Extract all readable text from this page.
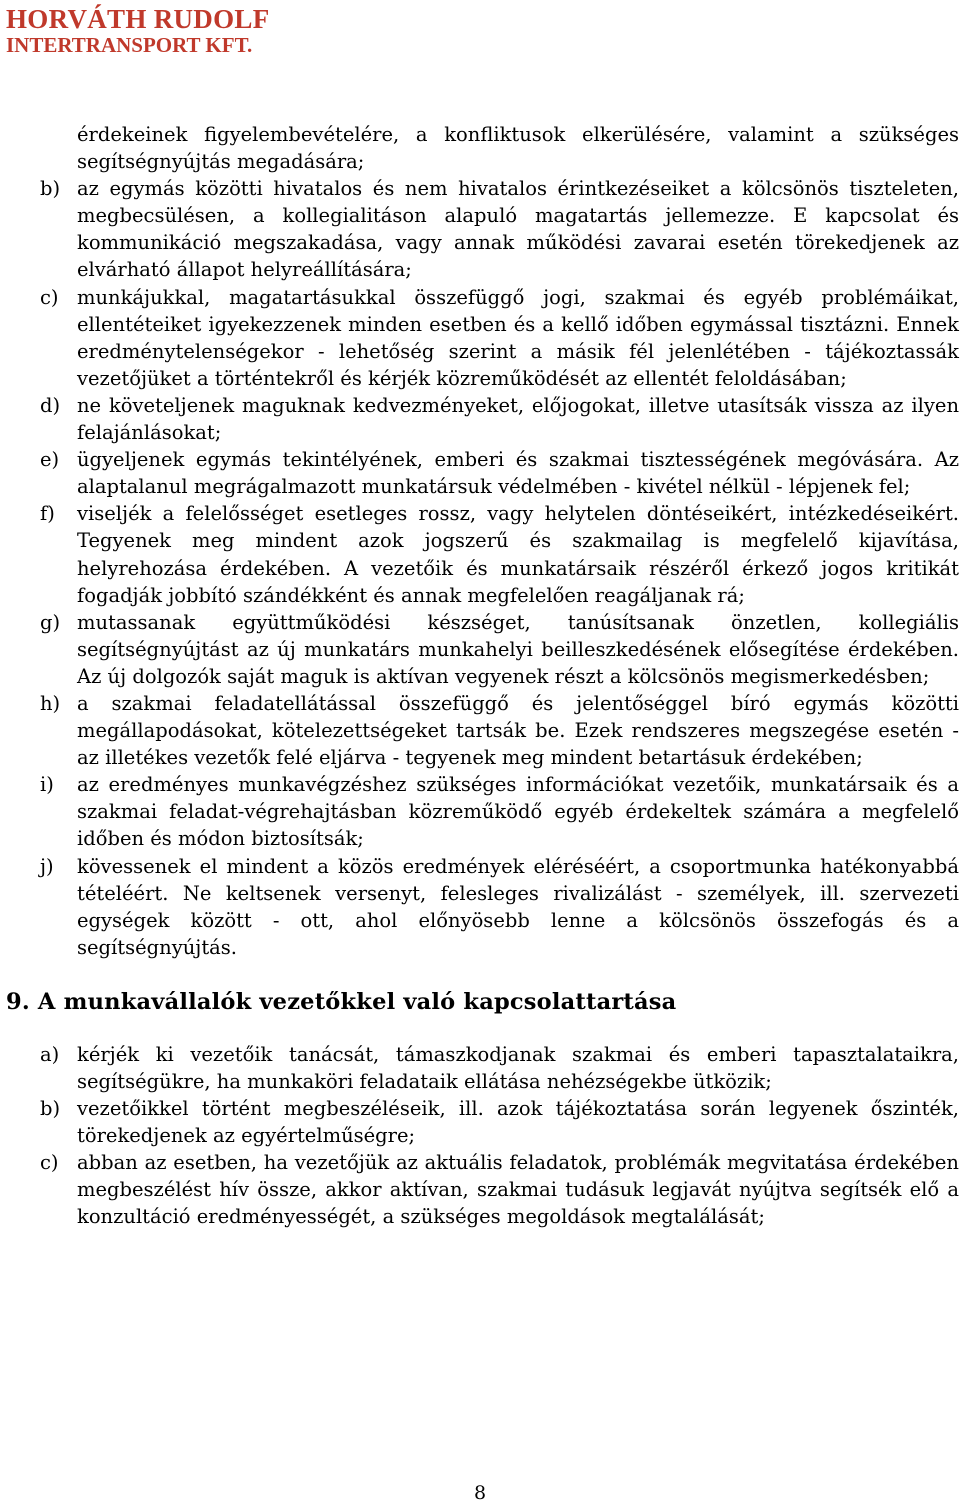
HORVÁTH RUDOLF
INTERTRANSPORT KFT.
érdekeinek figyelembevételére, a konfliktusok elkerülésére, valamint a szükséges segítségnyújtás megadására;
b) az egymás közötti hivatalos és nem hivatalos érintkezéseiket a kölcsönös tiszteleten, megbecsülésen, a kollegialitáson alapuló magatartás jellemezze. E kapcsolat és kommunikáció megszakadása, vagy annak működési zavarai esetén törekedjenek az elvárható állapot helyreállítására;
c) munkájukkal, magatartásukkal összefüggő jogi, szakmai és egyéb problémáikat, ellentéteiket igyekezzenek minden esetben és a kellő időben egymással tisztázni. Ennek eredménytelenségekor - lehetőség szerint a másik fél jelenlétében - tájékoztassák vezetőjüket a történtekről és kérjék közreműködését az ellentét feloldásában;
d) ne követeljenek maguknak kedvezményeket, előjogokat, illetve utasítsák vissza az ilyen felajánlásokat;
e) ügyeljenek egymás tekintélyének, emberi és szakmai tisztességének megóvására. Az alaptalanul megrágalmazott munkatársuk védelmében - kivétel nélkül - lépjenek fel;
f)	viseljék a felelősséget esetleges rossz, vagy helytelen döntéseikért, intézkedéseikért. Tegyenek meg mindent azok jogszerű és szakmailag is megfelelő kijavítása, helyrehozása érdekében. A vezetőik és munkatársaik részéről érkező jogos kritikát fogadják jobbító szándékként és annak megfelelően reagáljanak rá;
g) mutassanak együttműködési készséget, tanúsítsanak önzetlen, kollegiális segítségnyújtást az új munkatárs munkahelyi beilleszkedésének elősegítése érdekében. Az új dolgozók saját maguk is aktívan vegyenek részt a kölcsönös megismerkedésben;
h) a szakmai feladatellátással összefüggő és jelentőséggel bíró egymás közötti megállapodásokat, kötelezettségeket tartsák be. Ezek rendszeres megszegése esetén - az illetékes vezetők felé eljárva - tegyenek meg mindent betartásuk érdekében;
i)	az eredményes munkavégzéshez szükséges információkat vezetőik, munkatársaik és a szakmai feladat-végrehajtásban közreműködő egyéb érdekeltek számára a megfelelő időben és módon biztosítsák;
j)	kövessenek el mindent a közös eredmények eléréséért, a csoportmunka hatékonyabbá tételéért. Ne keltsenek versenyt, felesleges rivalizálást - személyek, ill. szervezeti egységek között - ott, ahol előnyösebb lenne a kölcsönös összefogás és a segítségnyújtás.
9. A munkavállalók vezetőkkel való kapcsolattartása
a) kérjék ki vezetőik tanácsát, támaszkodjanak szakmai és emberi tapasztalataikra, segítségükre, ha munkaköri feladataik ellátása nehézségekbe ütközik;
b) vezetőikkel történt megbeszéléseik, ill. azok tájékoztatása során legyenek őszinték, törekedjenek az egyértelműségre;
c) abban az esetben, ha vezetőjük az aktuális feladatok, problémák megvitatása érdekében megbeszélést hív össze, akkor aktívan, szakmai tudásuk legjavát nyújtva segítsék elő a konzultáció eredményességét, a szükséges megoldások megtalálását;
8
